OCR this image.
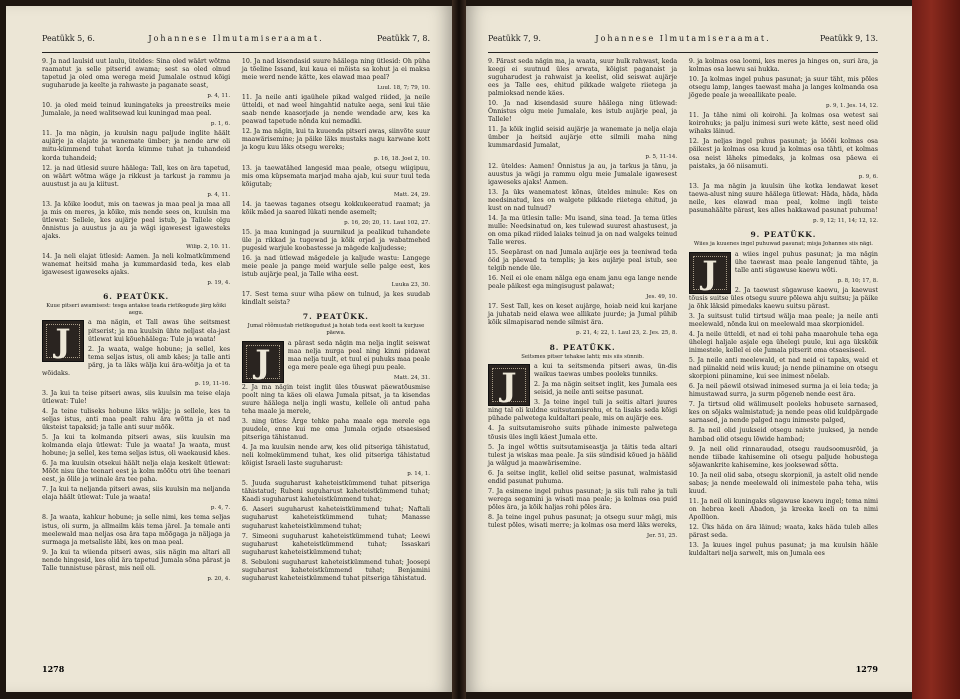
Peatükk 5, 6.	Johannese Ilmutamiseraamat.	Peatükk 7, 8.

9. Ja nad laulsid uut laulu, üteldes: Sina oled wäärt wõtma raamatut ja selle pitserid awama; sest sa oled olnud tapetud ja oled oma werega meid Jumalale ostnud kõigi suguharude ja keelte ja rahwaste ja paganate seast,

p. 4, 11.

10. ja oled meid teinud kuningateks ja preestreiks meie Jumalale, ja need walitsewad kui kuningad maa peal.

p. 1, 6.

11. Ja ma nägin, ja kuulsin nagu paljude inglite häält aujärje ja elajate ja wanemate ümber; ja nende arw oli mitu-kümmend tuhat korda kümme tuhat ja tuhandeid korda tuhandeid;

12. ja nad ütlesid suure häälega: Tall, kes on ära tapetud, on wäärt wõtma wäge ja rikkust ja tarkust ja rammu ja auustust ja au ja kiitust.

p. 4, 11.

13. Ja kõike loodut, mis on taewas ja maa peal ja maa all ja mis on meres, ja kõike, mis nende sees on, kuulsin ma ütlewat: Sellele, kes aujärje peal istub, ja Tallele olgu õnnistus ja auustus ja au ja wägi igawesest igawesteks ajaks.

Wilip. 2, 10. 11.

14. Ja neli elajat ütlesid: Aamen. Ja neli kolmatkümmend wanemat heitsid maha ja kummardasid teda, kes elab igawesest igaweseks ajaks.

p. 19, 4.

6. PEATÜKK.
Kuue pitseri awamisest: tesga antakse teada rietikogude järg kõiki aegu.
J	a ma nägin, et Tall awas ühe seitsmest pitserist; ja ma kuulsin ühte neljast ela-jast ütlewat kui kõuehäälega: Tule ja waata!

2. Ja waata, walge hobune; ja sellel, kes tema seljas istus, oli amb käes; ja talle anti pärg, ja ta läks wälja kui ära-wõitja ja et ta wõidaks.

p. 19, 11-16.

3. Ja kui ta teise pitseri awas, siis kuulsin ma teise elaja ütlewat: Tule!

4. Ja teine tuliseks hobune läks wälja; ja sellele, kes ta seljas istus, anti maa pealt rahu ära wõtta ja et nad üksteist tapaksid; ja talle anti suur mõõk.

5. Ja kui ta kolmanda pitseri awas, siis kuulsin ma kolmanda elaja ütlewat: Tule ja waata! Ja waata, must hobune; ja sellel, kes tema seljas istus, oli waekausid käes.

6. Ja ma kuulsin otsekui häält nelja elaja keskelt ütlewat: Mõõt nisu ühe teenari eest ja kolm mõõtu otri ühe teenari eest, ja õlile ja wiinale ära tee paha.

7. Ja kui ta neljanda pitseri awas, siis kuulsin ma neljanda elaja häält ütlewat: Tule ja waata!

p. 4, 7.

8. Ja waata, kahkur hobune; ja selle nimi, kes tema seljas istus, oli surm, ja allmailm käis tema järel. Ja temale anti meelewald maa neljas osa ära tapa mõõgaga ja näljaga ja surmaga ja metsaliste läbi, kes on maa peal.

9. Ja kui ta wiienda pitseri awas, siis nägin ma altari all nende hingesid, kes olid ära tapetud Jumala sõna pärast ja Talle tunnistuse pärast, mis neil oli.

p. 20, 4.

10. Ja nad kisendasid suure häälega ning ütlesid: Oh püha ja tõeline Issand, kui kaua ei mõista sa kohut ja ei maksa meie werd nende kätte, kes elawad maa peal?

Luul. 18, 7; 79, 10.

11. Ja neile anti igaühele pikad walged riided, ja neile ütteldi, et nad weel hingahtid natuke aega, seni kui täie saab nende kaasorjade ja nende wendade arw, kes ka peawad tapetude nõnda kui nemadki.

12. Ja ma nägin, kui ta kuuenda pitseri awas, siinvõte suur maawärisemine; ja päike läks mustaks nagu karwane kott ja kogu kuu läks otsegu wereks;

p. 16, 18. Joel 2, 10.

13. ja taewatähed langesid maa peale, otsegu wiigipuu, mis oma küpsemata marjad maha ajab, kui suur tuul teda kõigutab;

Matt. 24, 29.

14. ja taewas taganes otsegu kokkukeeratud raamat; ja kõik mäed ja saared lükati nende asemelt;

p. 16, 20; 20, 11. Laul 102, 27.

15. ja maa kuningad ja suurnikud ja pealikud tuhandete üle ja rikkad ja tugewad ja kõik orjad ja wabatmehed pugesid warjule koobastesse ja mägede kaljudesse;

16. ja nad ütlewad mägedele ja kaljude wastu: Langege meie peale ja pange meid warjule selle palge eest, kes istub aujärje peal, ja Talle wiha eest.

Luuka 23, 30.

17. Sest tema suur wiha päew on tulnud, ja kes suudab kindlalt seista?

7. PEATÜKK.
Jumal rõõmustab rietikogudust ja hoiab teda eest koolt ta kurjuse päewa.
J	a pärast seda nägin ma nelja inglit seiswat maa nelja nurga peal ning kinni pidawat maa nelja tuult, et tuul ei puhuks maa peale ega mere peale ega ühegi puu peale.

Matt. 24, 31.

2. Ja ma nägin teist inglit üles tõuswat päewatõusmise poolt ning ta käes oli elawa Jumala pitsat, ja ta kisendas suure häälega nelja ingli wastu, kellele oli antud paha teha maale ja merele,

3. ning ütles: Ärge tehke paha maale ega merele ega puudele, enne kui me oma Jumala orjade otsaesised pitseriga tähistanud.

4. Ja ma kuulsin nende arw, kes olid pitseriga tähistatud, neli kolmekümmend tuhat, kes olid pitseriga tähistatud kõigist Israeli laste suguharust:

p. 14, 1.

5. Juuda suguharust kaheteistkümmend tuhat pitseriga tähistatud; Rubeni suguharust kaheteistkümmend tuhat; Kaadi suguharust kaheteistkümmend tuhat;

6. Aaseri suguharust kaheteistkümmend tuhat; Naftali suguharust kaheteistkümmend tuhat; Manasse suguharust kaheteistkümmend tuhat;

7. Simeoni suguharust kaheteistkümmend tuhat; Leewi suguharust kaheteistkümmend tuhat; Issaskari suguharust kaheteistkümmend tuhat;

8. Sebuloni suguharust kaheteistkümmend tuhat; Joosepi suguharust kaheteistkümmend tuhat; Benjamini suguharust kaheteistkümmend tuhat pitseriga tähistatud.

1278
Peatükk 7, 9.	Johannese Ilmutamiseraamat.	Peatükk 9, 13.

9. Pärast seda nägin ma, ja waata, suur hulk rahwast, keda keegi ei suutnud üles arwata, kõigist paganaist ja suguharudest ja rahwaist ja keelist, olid seiswat aujärje ees ja Talle ees, ehitud pikkade walgete riietega ja palmioksad nende käes.

10. Ja nad kisendasid suure häälega ning ütlewad: Õnnistus olgu meie Jumalale, kes istub aujärje peal, ja Tallele!

11. Ja kõik inglid seisid aujärje ja wanemate ja nelja elaja ümber ja heitsid aujärje ette silmili maha ning kummardasid Jumalat,

p. 5, 11-14.

12. üteldes: Aamen! Õnnistus ja au, ja tarkus ja tänu, ja auustus ja wägi ja rammu olgu meie Jumalale igawesest igaweseks ajaks! Aamen.

13. Ja üks wanematest kõnas, üteldes minule: Kes on needsinatud, kes on walgete pikkade riietega ehitud, ja kust on nad tulnud?

14. Ja ma ütlesin talle: Mu isand, sina tead. Ja tema ütles mulle: Needsinatud on, kes tulewad suurest ahastusest, ja on oma pikad riided laiaks teinud ja on nad walgeks teinud Talle weres.

15. Seepärast on nad Jumala aujärje ees ja teeniwad teda ööd ja päewad ta templis; ja kes aujärje peal istub, see telgib nende üle.

16. Neil ei ole enam nälga ega enam janu ega lange nende peale päikest ega mingisugust palawat;

Jes. 49, 10.

17. Sest Tall, kes on keset aujärge, hoiab neid kui karjane ja juhatab neid elawa wee allikate juurde; ja Jumal pühib kõik silmapisarad nende silmist ära.

p. 21, 4; 22, 1. Laul 23, 2. Jes. 25, 8.

8. PEATÜKK.
Seitsmes pitser tehakse lahti; mis siis sünnib.
J	a kui ta seitsmenda pitseri awas, ün-dis waikus taewas umbes pooleks tunniks.

2. Ja ma nägin seitset inglit, kes Jumala ees seisid, ja neile anti seitse pasunat.

3. Ja teine ingel tuli ja seitis altari juures ning tal oli kuldne suitsutamisrohu, et ta lisaks seda kõigi pühade palwetega kuldaltari peale, mis on aujärje ees.

4. Ja suitsutamisroho suits pühade inimeste palwetega tõusis üles ingli käest Jumala ette.

5. Ja ingel wõttis suitsutamiseastja ja täitis teda altari tulest ja wiskas maa peale. Ja siis sündisid kõued ja häälid ja wälgud ja maawärisemine.

6. Ja seitse inglit, kellel olid seitse pasunat, walmistasid endid pasunat puhuma.

7. Ja esimene ingel puhus pasunat; ja siis tuli rahe ja tuli werega segamini ja wisati maa peale; ja kolmas osa puid põles ära, ja kõik haljas rohi põles ära.

8. Ja teine ingel puhus pasunat; ja otsegu suur mägi, mis tulest põles, wisati merre; ja kolmas osa merd läks wereks,

Jer. 51, 25.

9. ja kolmas osa loomi, kes meres ja hinges on, suri ära, ja kolmas osa laewu sai hukka.

10. Ja kolmas ingel puhus pasunat; ja suur täht, mis põles otsegu lamp, langes taewast maha ja langes kolmanda osa jõgede peale ja weeallikate peale.

p. 9, 1. Jes. 14, 12.

11. Ja tähe nimi oli koirohi. Ja kolmas osa wetest sai koirohuks; ja palju inimesi suri wete kätte, sest need olid wihaks läinud.

12. Ja neljas ingel puhus pasunat; ja lööõi kolmas osa päikest ja kolmas osa kuud ja kolmas osa tähti, et kolmas osa neist läheks pimedaks, ja kolmas osa päewa ei paistaks, ja öö niisamuti.

p. 9, 6.

13. Ja ma nägin ja kuulsin ühe kotka lendawat keset taewa-alust ning suure häälega ütlewat: Häda, häda, häda neile, kes elawad maa peal, kolme ingli teiste pasunahäälte pärast, kes alles hakkawad pasunat puhuma!

p. 9, 12; 11, 14; 12, 12.

9. PEATÜKK.
Wiies ja kuuenes ingel puhuwad pasunat; misja Johannes siis nägi.
J	a wiies ingel puhus pasunat; ja ma nägin ühe taewast maa peale langenud tähte, ja talle anti sügawuse kaewu wõti.

p. 8, 10; 17, 8.

2. Ja taewust sügawuse kaewu, ja kaewust tõusis suitse üles otsegu suure põlewa ahju suitsu; ja päike ja õhk läksid pimedaks kaewu suitsu pärast.

3. Ja suitsust tulid tirtsud wälja maa peale; ja neile anti meelewald, nõnda kui on meelewald maa skorpionidel.

4. Ja neile ütteldi, et nad ei tohi paha maarohule teha ega ühelegi haljale asjale ega ühelegi puule, kui aga ükskõik inimestele, kellel ei ole Jumala pitserit oma otsaesiseel.

5. Ja neile anti meelewald, et nad neid ei tapaks, waid et nad piinakid neid wiis kuud; ja nende piinamine on otsegu skorpioni piinamine, kui see inimest nõelab.

6. Ja neil päewil otsiwad inimesed surma ja ei leia teda; ja himustawad surra, ja surm põgeneb nende eest ära.

7. Ja tirtsud olid wälimuselt pooleks hobusete sarnased, kes on sõjaks walmistatud; ja nende peas olid kuldpärgade sarnased, ja nende palged nagu inimeste palged,

8. Ja neil olid juukseid otsegu naiste juuksed, ja nende hambad olid otsegu lõwide hambad;

9. Ja neil olid rinnaraudad, otsegu raudsoomusrõid, ja nende tiibade kahisemine oli otsegu paljude hobustega sõjawankrite kahisemine, kes jooksewad sõtta.

10. Ja neil olid saba, otsegu skorpionil, ja astelt olid nende sabas; ja nende meelewald oli inimestele paha teha, wiis kuud.

11. Ja neil oli kuningaks sügawuse kaewu ingel; tema nimi on hebrea keeli Abadon, ja kreeka keeli on ta nimi Apollüon.

12. Üks häda on ära läinud; waata, kaks häda tuleb alles pärast seda.

13. Ja kuues ingel puhus pasunat; ja ma kuulsin hääle kuldaltari nelja sarwelt, mis on Jumala ees

1279
